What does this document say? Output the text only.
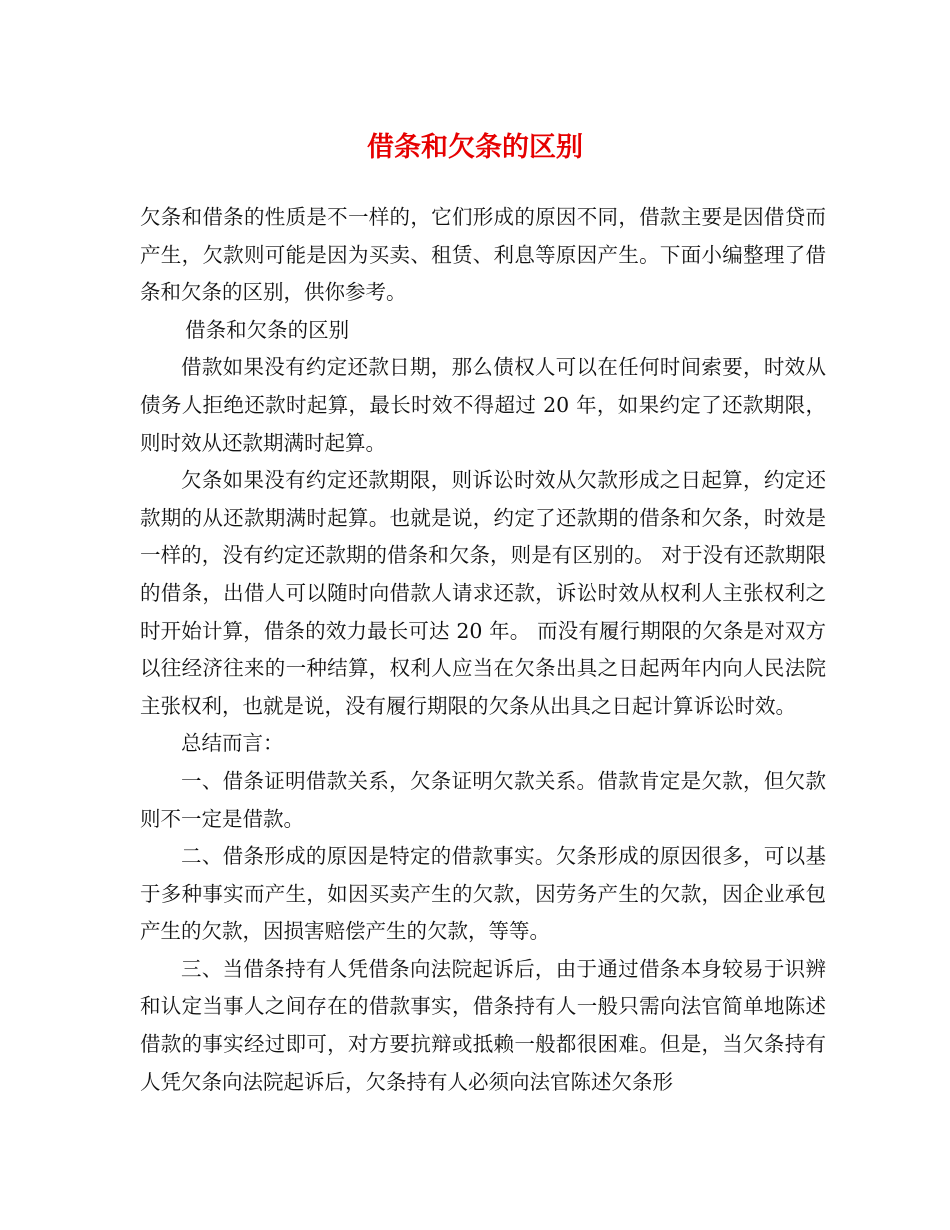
借条和欠条的区别

欠条和借条的性质是不一样的，它们形成的原因不同，借款主要是因借贷而产生，欠款则可能是因为买卖、租赁、利息等原因产生。下面小编整理了借条和欠条的区别，供你参考。

借条和欠条的区别

借款如果没有约定还款日期，那么债权人可以在任何时间索要，时效从债务人拒绝还款时起算，最长时效不得超过 20 年，如果约定了还款期限，则时效从还款期满时起算。

欠条如果没有约定还款期限，则诉讼时效从欠款形成之日起算，约定还款期的从还款期满时起算。也就是说，约定了还款期的借条和欠条，时效是一样的，没有约定还款期的借条和欠条，则是有区别的。 对于没有还款期限的借条，出借人可以随时向借款人请求还款，诉讼时效从权利人主张权利之时开始计算，借条的效力最长可达 20 年。 而没有履行期限的欠条是对双方以往经济往来的一种结算，权利人应当在欠条出具之日起两年内向人民法院主张权利，也就是说，没有履行期限的欠条从出具之日起计算诉讼时效。

总结而言：

一、借条证明借款关系，欠条证明欠款关系。借款肯定是欠款，但欠款则不一定是借款。

二、借条形成的原因是特定的借款事实。欠条形成的原因很多，可以基于多种事实而产生，如因买卖产生的欠款，因劳务产生的欠款，因企业承包产生的欠款，因损害赔偿产生的欠款，等等。

三、当借条持有人凭借条向法院起诉后，由于通过借条本身较易于识辨和认定当事人之间存在的借款事实，借条持有人一般只需向法官简单地陈述借款的事实经过即可，对方要抗辩或抵赖一般都很困难。但是，当欠条持有人凭欠条向法院起诉后，欠条持有人必须向法官陈述欠条形
